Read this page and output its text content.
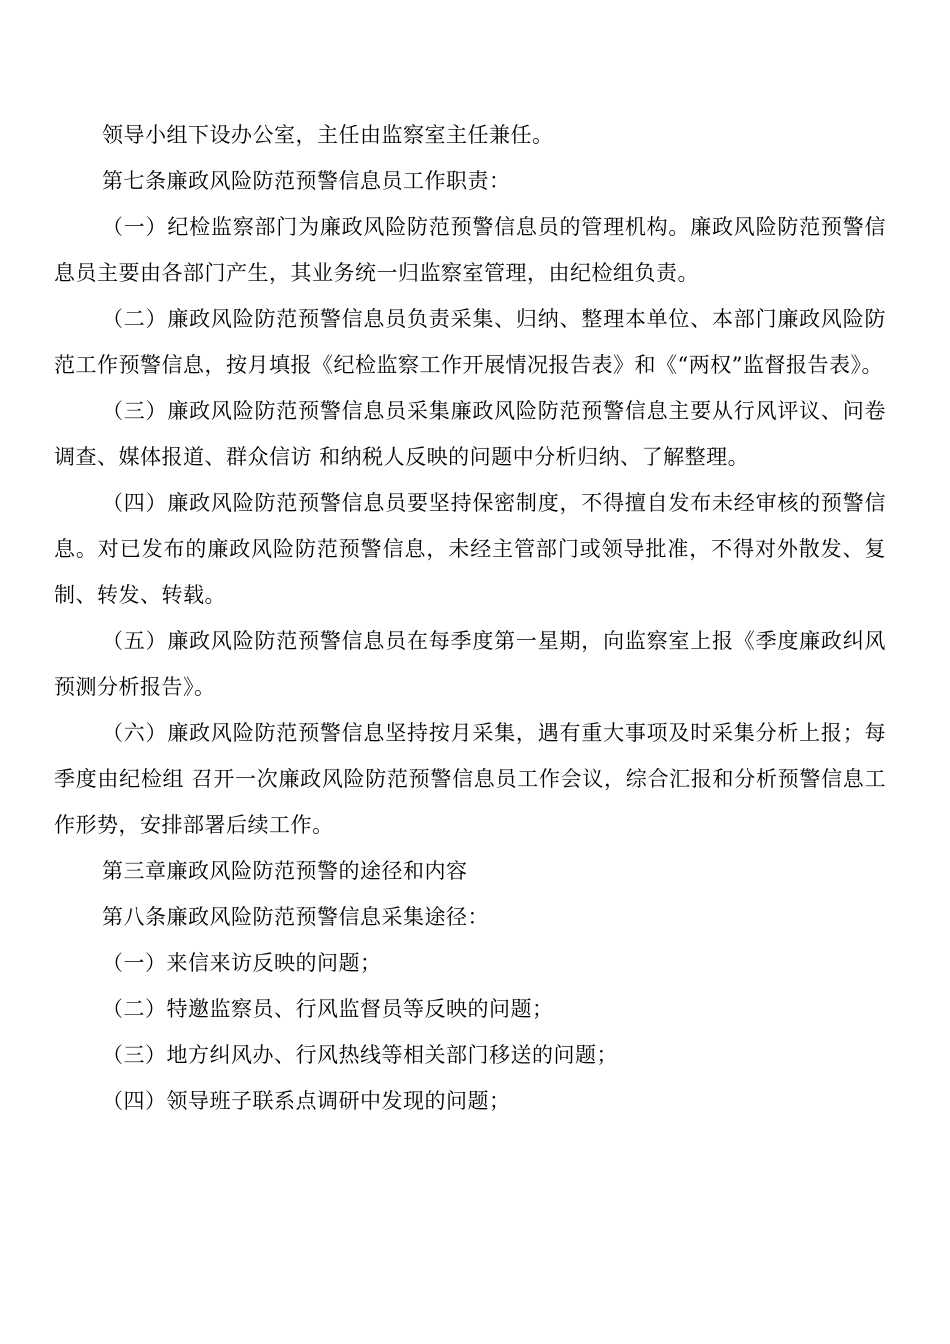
领导小组下设办公室，主任由监察室主任兼任。

第七条廉政风险防范预警信息员工作职责：

（一）纪检监察部门为廉政风险防范预警信息员的管理机构。廉政风险防范预警信息员主要由各部门产生，其业务统一归监察室管理，由纪检组负责。

（二）廉政风险防范预警信息员负责采集、归纳、整理本单位、本部门廉政风险防范工作预警信息，按月填报《纪检监察工作开展情况报告表》和《“两权”监督报告表》。

（三）廉政风险防范预警信息员采集廉政风险防范预警信息主要从行风评议、问卷调查、媒体报道、群众信访 和纳税人反映的问题中分析归纳、了解整理。

（四）廉政风险防范预警信息员要坚持保密制度，不得擅自发布未经审核的预警信息。对已发布的廉政风险防范预警信息，未经主管部门或领导批准，不得对外散发、复制、转发、转载。

（五）廉政风险防范预警信息员在每季度第一星期，向监察室上报《季度廉政纠风预测分析报告》。

（六）廉政风险防范预警信息坚持按月采集，遇有重大事项及时采集分析上报；每季度由纪检组 召开一次廉政风险防范预警信息员工作会议，综合汇报和分析预警信息工作形势，安排部署后续工作。

第三章廉政风险防范预警的途径和内容

第八条廉政风险防范预警信息采集途径：

（一）来信来访反映的问题；

（二）特邀监察员、行风监督员等反映的问题；

（三）地方纠风办、行风热线等相关部门移送的问题；

（四）领导班子联系点调研中发现的问题；
